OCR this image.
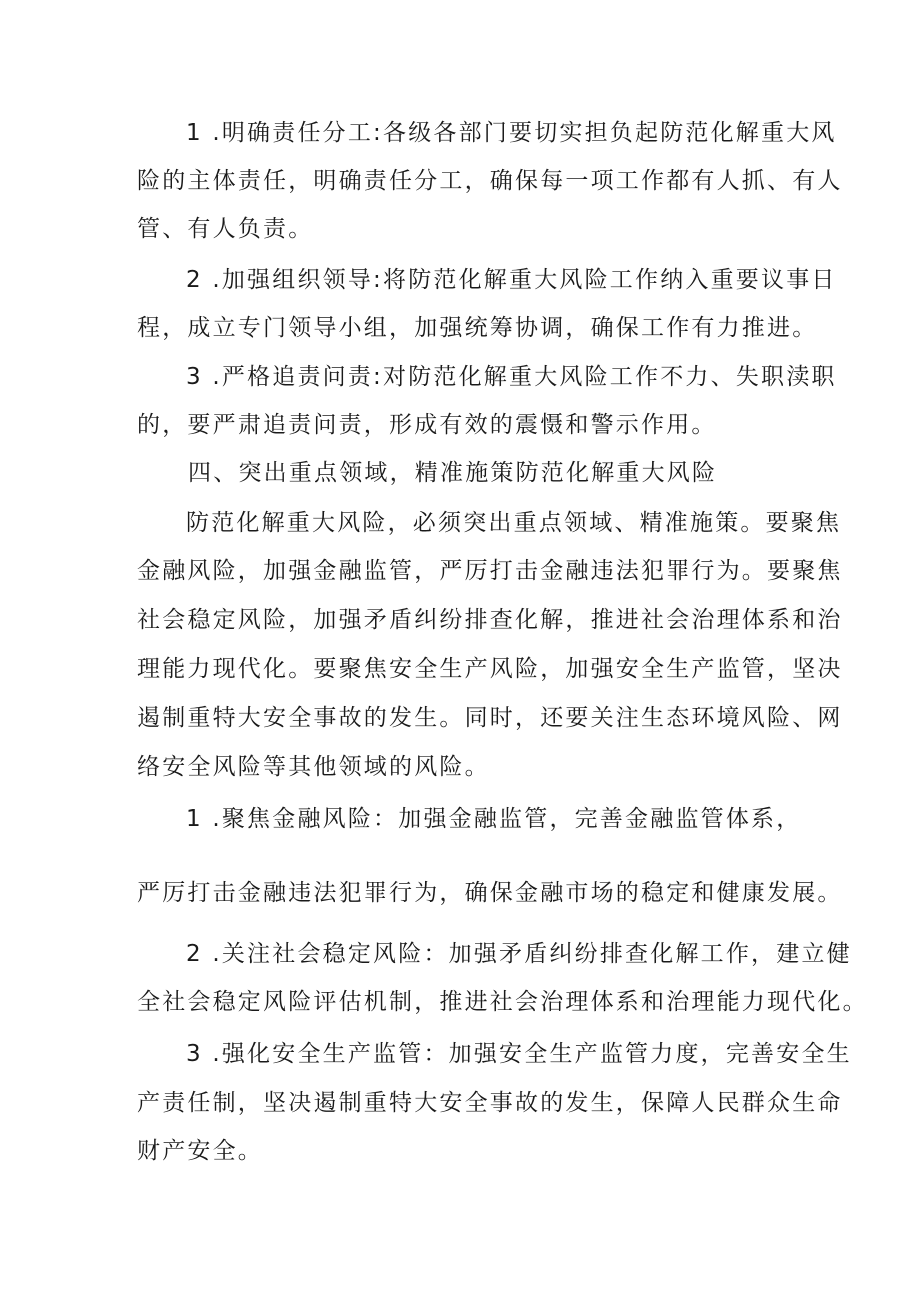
1 .明确责任分工:各级各部门要切实担负起防范化解重大风
险的主体责任，明确责任分工，确保每一项工作都有人抓、有人
管、有人负责。
2 .加强组织领导:将防范化解重大风险工作纳入重要议事日
程，成立专门领导小组，加强统筹协调，确保工作有力推进。
3 .严格追责问责:对防范化解重大风险工作不力、失职渎职
的，要严肃追责问责，形成有效的震慑和警示作用。
四、突出重点领域，精准施策防范化解重大风险
防范化解重大风险，必须突出重点领域、精准施策。要聚焦
金融风险，加强金融监管，严厉打击金融违法犯罪行为。要聚焦
社会稳定风险，加强矛盾纠纷排查化解，推进社会治理体系和治
理能力现代化。要聚焦安全生产风险，加强安全生产监管，坚决
遏制重特大安全事故的发生。同时，还要关注生态环境风险、网
络安全风险等其他领域的风险。
1 .聚焦金融风险：加强金融监管，完善金融监管体系，
严厉打击金融违法犯罪行为，确保金融市场的稳定和健康发展。
2 .关注社会稳定风险：加强矛盾纠纷排查化解工作，建立健
全社会稳定风险评估机制，推进社会治理体系和治理能力现代化。
3 .强化安全生产监管：加强安全生产监管力度，完善安全生
产责任制，坚决遏制重特大安全事故的发生，保障人民群众生命
财产安全。
